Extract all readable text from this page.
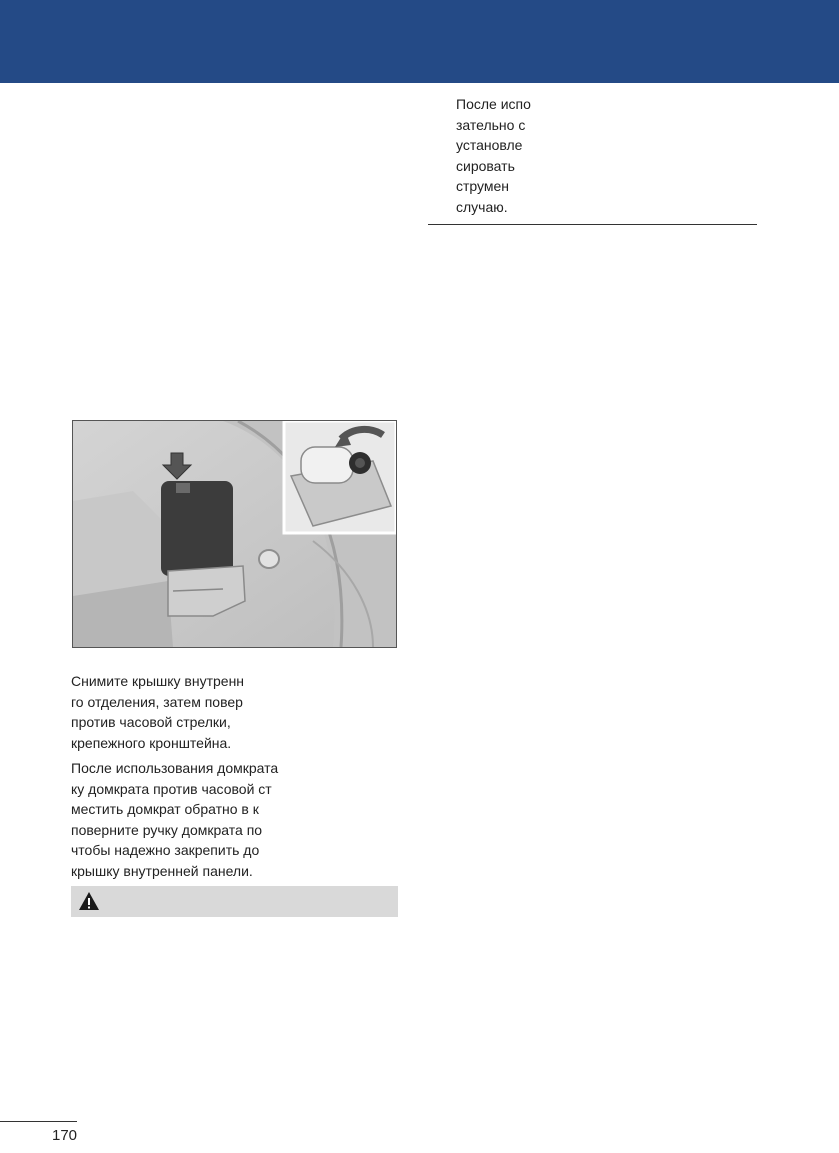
После испо
зательно с
установле
сировать
струмен
случаю.
Снимите крышку внутренн
го отделения, затем повер
против часовой стрелки,
крепежного кронштейна.
После использования домкрата
ку домкрата против часовой ст
местить домкрат обратно в к
поверните ручку домкрата по
чтобы надежно закрепить до
крышку внутренней панели.
170
